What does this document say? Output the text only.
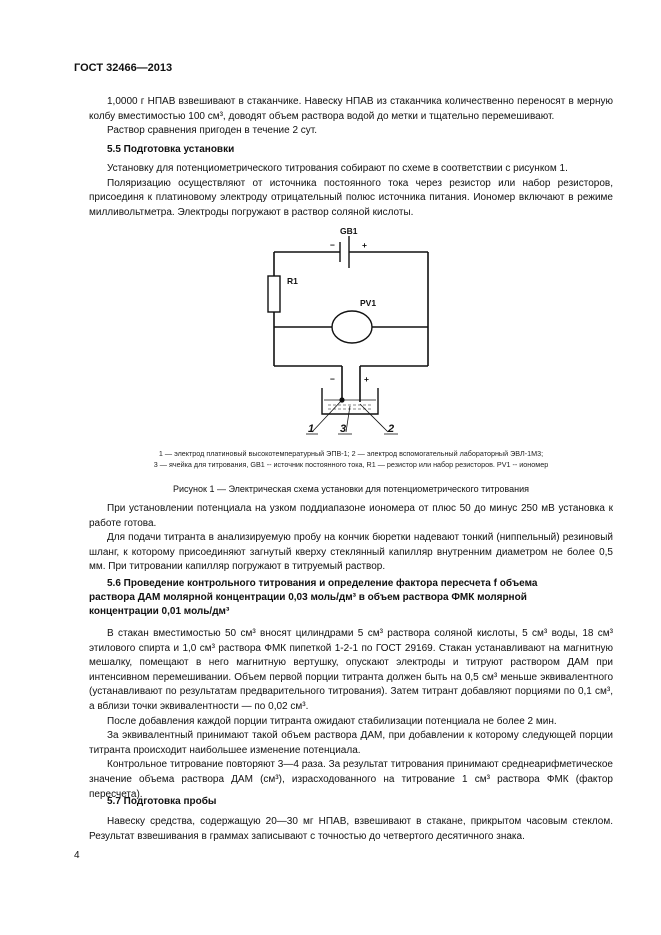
ГОСТ 32466—2013

1,0000 г НПАВ взвешивают в стаканчике. Навеску НПАВ из стаканчика количественно переносят в мерную колбу вместимостью 100 см³, доводят объем раствора водой до метки и тщательно перемешивают.

Раствор сравнения пригоден в течение 2 сут.

5.5 Подготовка установки

Установку для потенциометрического титрования собирают по схеме в соответствии с рисунком 1.

Поляризацию осуществляют от источника постоянного тока через резистор или набор резисторов, присоединя к платиновому электроду отрицательный полюс источника питания. Иономер включают в режиме милливольтметра. Электроды погружают в раствор соляной кислоты.

GB1
−	+
R1
PV1
−	+
1 3	2
1 — электрод платиновый высокотемпературный ЭПВ-1; 2 — электрод вспомогательный лабораторный ЭВЛ-1М3;
3 — ячейка для титрования, GB1 -- источник постоянного тока, R1 — резистор или набор резисторов. PV1 -- иономер
Рисунок 1 — Электрическая схема установки для потенциометрического титрования

При установлении потенциала на узком поддиапазоне иономера от плюс 50 до минус 250 мВ установка к работе готова.

Для подачи титранта в анализируемую пробу на кончик бюретки надевают тонкий (ниппельный) резиновый шланг, к которому присоединяют загнутый кверху стеклянный капилляр внутренним диаметром не более 0,5 мм. При титровании капилляр погружают в титруемый раствор.

5.6 Проведение контрольного титрования и определение фактора пересчета f объема

раствора ДАМ молярной концентрации 0,03 моль/дм³ в объем раствора ФМК молярной

концентрации 0,01 моль/дм³

В стакан вместимостью 50 см³ вносят цилиндрами 5 см³ раствора соляной кислоты, 5 см³ воды, 18 см³ этилового спирта и 1,0 см³ раствора ФМК пипеткой 1-2-1 по ГОСТ 29169. Стакан устанавливают на магнитную мешалку, помещают в него магнитную вертушку, опускают электроды и титруют раствором ДАМ при интенсивном перемешивании. Объем первой порции титранта должен быть на 0,5 см³ меньше эквивалентного (устанавливают по результатам предварительного титрования). Затем титрант добавляют порциями по 0,1 см³, а вблизи точки эквивалентности — по 0,02 см³.

После добавления каждой порции титранта ожидают стабилизации потенциала не более 2 мин.

За эквивалентный принимают такой объем раствора ДАМ, при добавлении к которому следующей порции титранта происходит наибольшее изменение потенциала.

Контрольное титрование повторяют 3—4 раза. За результат титрования принимают среднеарифметическое значение объема раствора ДАМ (см³), израсходованного на титрование 1 см³ раствора ФМК (фактор пересчета).

5.7 Подготовка пробы

Навеску средства, содержащую 20—30 мг НПАВ, взвешивают в стакане, прикрытом часовым стеклом. Результат взвешивания в граммах записывают с точностью до четвертого десятичного знака.

4
